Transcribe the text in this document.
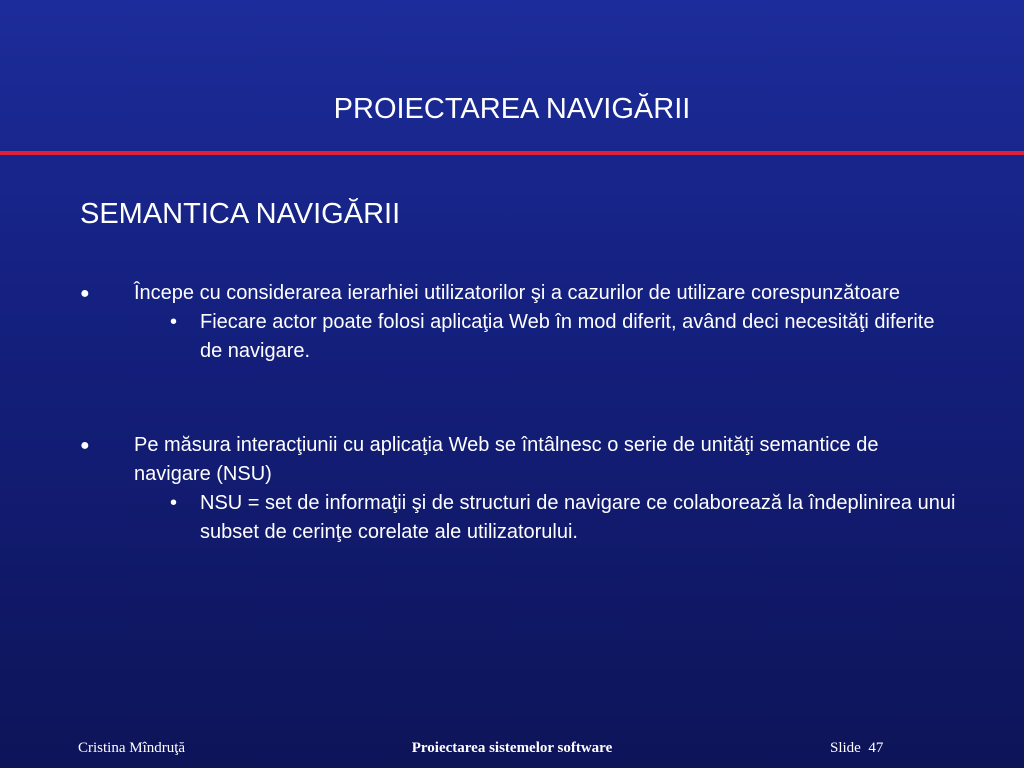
PROIECTAREA NAVIGĂRII
SEMANTICA NAVIGĂRII
● Începe cu considerarea ierarhiei utilizatorilor şi a cazurilor de utilizare corespunzătoare
• Fiecare actor poate folosi aplicaţia Web în mod diferit, având deci necesităţi diferite de navigare.
● Pe măsura interacţiunii cu aplicaţia Web se întâlnesc o serie de unităţi semantice de navigare (NSU)
• NSU = set de informaţii şi de structuri de navigare ce colaborează la îndeplinirea unui subset de cerinţe corelate ale utilizatorului.
Cristina Mîndruţă	Proiectarea sistemelor software	Slide  47
